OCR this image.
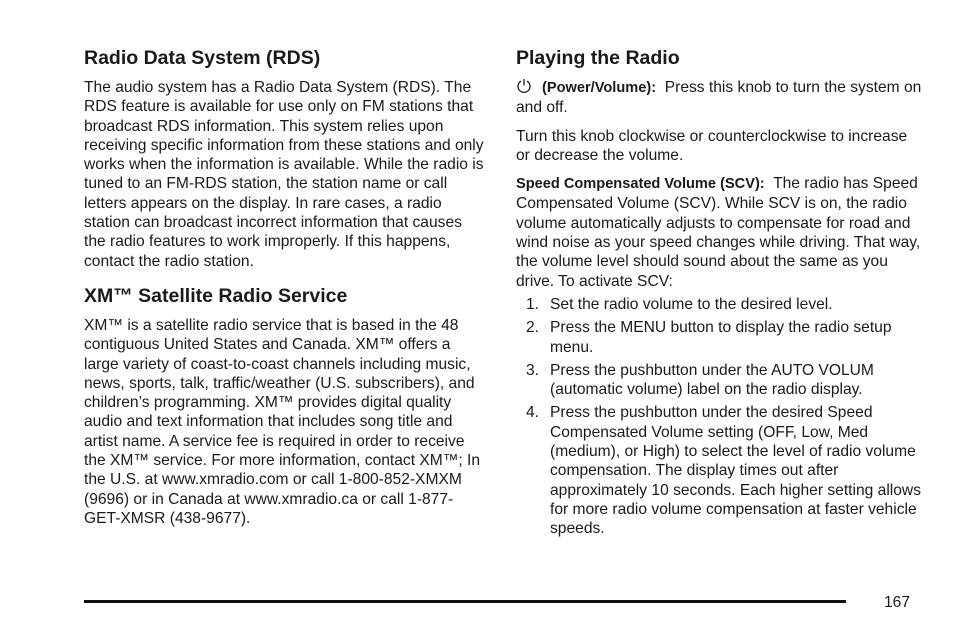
Radio Data System (RDS)

The audio system has a Radio Data System (RDS). The RDS feature is available for use only on FM stations that broadcast RDS information. This system relies upon receiving specific information from these stations and only works when the information is available. While the radio is tuned to an FM-RDS station, the station name or call letters appears on the display. In rare cases, a radio station can broadcast incorrect information that causes the radio features to work improperly. If this happens, contact the radio station.

XM™ Satellite Radio Service

XM™ is a satellite radio service that is based in the 48 contiguous United States and Canada. XM™ offers a large variety of coast-to-coast channels including music, news, sports, talk, traffic/weather (U.S. subscribers), and children’s programming. XM™ provides digital quality audio and text information that includes song title and artist name. A service fee is required in order to receive the XM™ service. For more information, contact XM™; In the U.S. at www.xmradio.com or call 1-800-852-XMXM (9696) or in Canada at www.xmradio.ca or call 1-877-GET-XMSR (438-9677).

Playing the Radio

(Power/Volume): Press this knob to turn the system on and off.

Turn this knob clockwise or counterclockwise to increase or decrease the volume.

Speed Compensated Volume (SCV): The radio has Speed Compensated Volume (SCV). While SCV is on, the radio volume automatically adjusts to compensate for road and wind noise as your speed changes while driving. That way, the volume level should sound about the same as you drive. To activate SCV:

1. Set the radio volume to the desired level.
2. Press the MENU button to display the radio setup menu.
3. Press the pushbutton under the AUTO VOLUM (automatic volume) label on the radio display.
4. Press the pushbutton under the desired Speed Compensated Volume setting (OFF, Low, Med (medium), or High) to select the level of radio volume compensation. The display times out after approximately 10 seconds. Each higher setting allows for more radio volume compensation at faster vehicle speeds.
167
